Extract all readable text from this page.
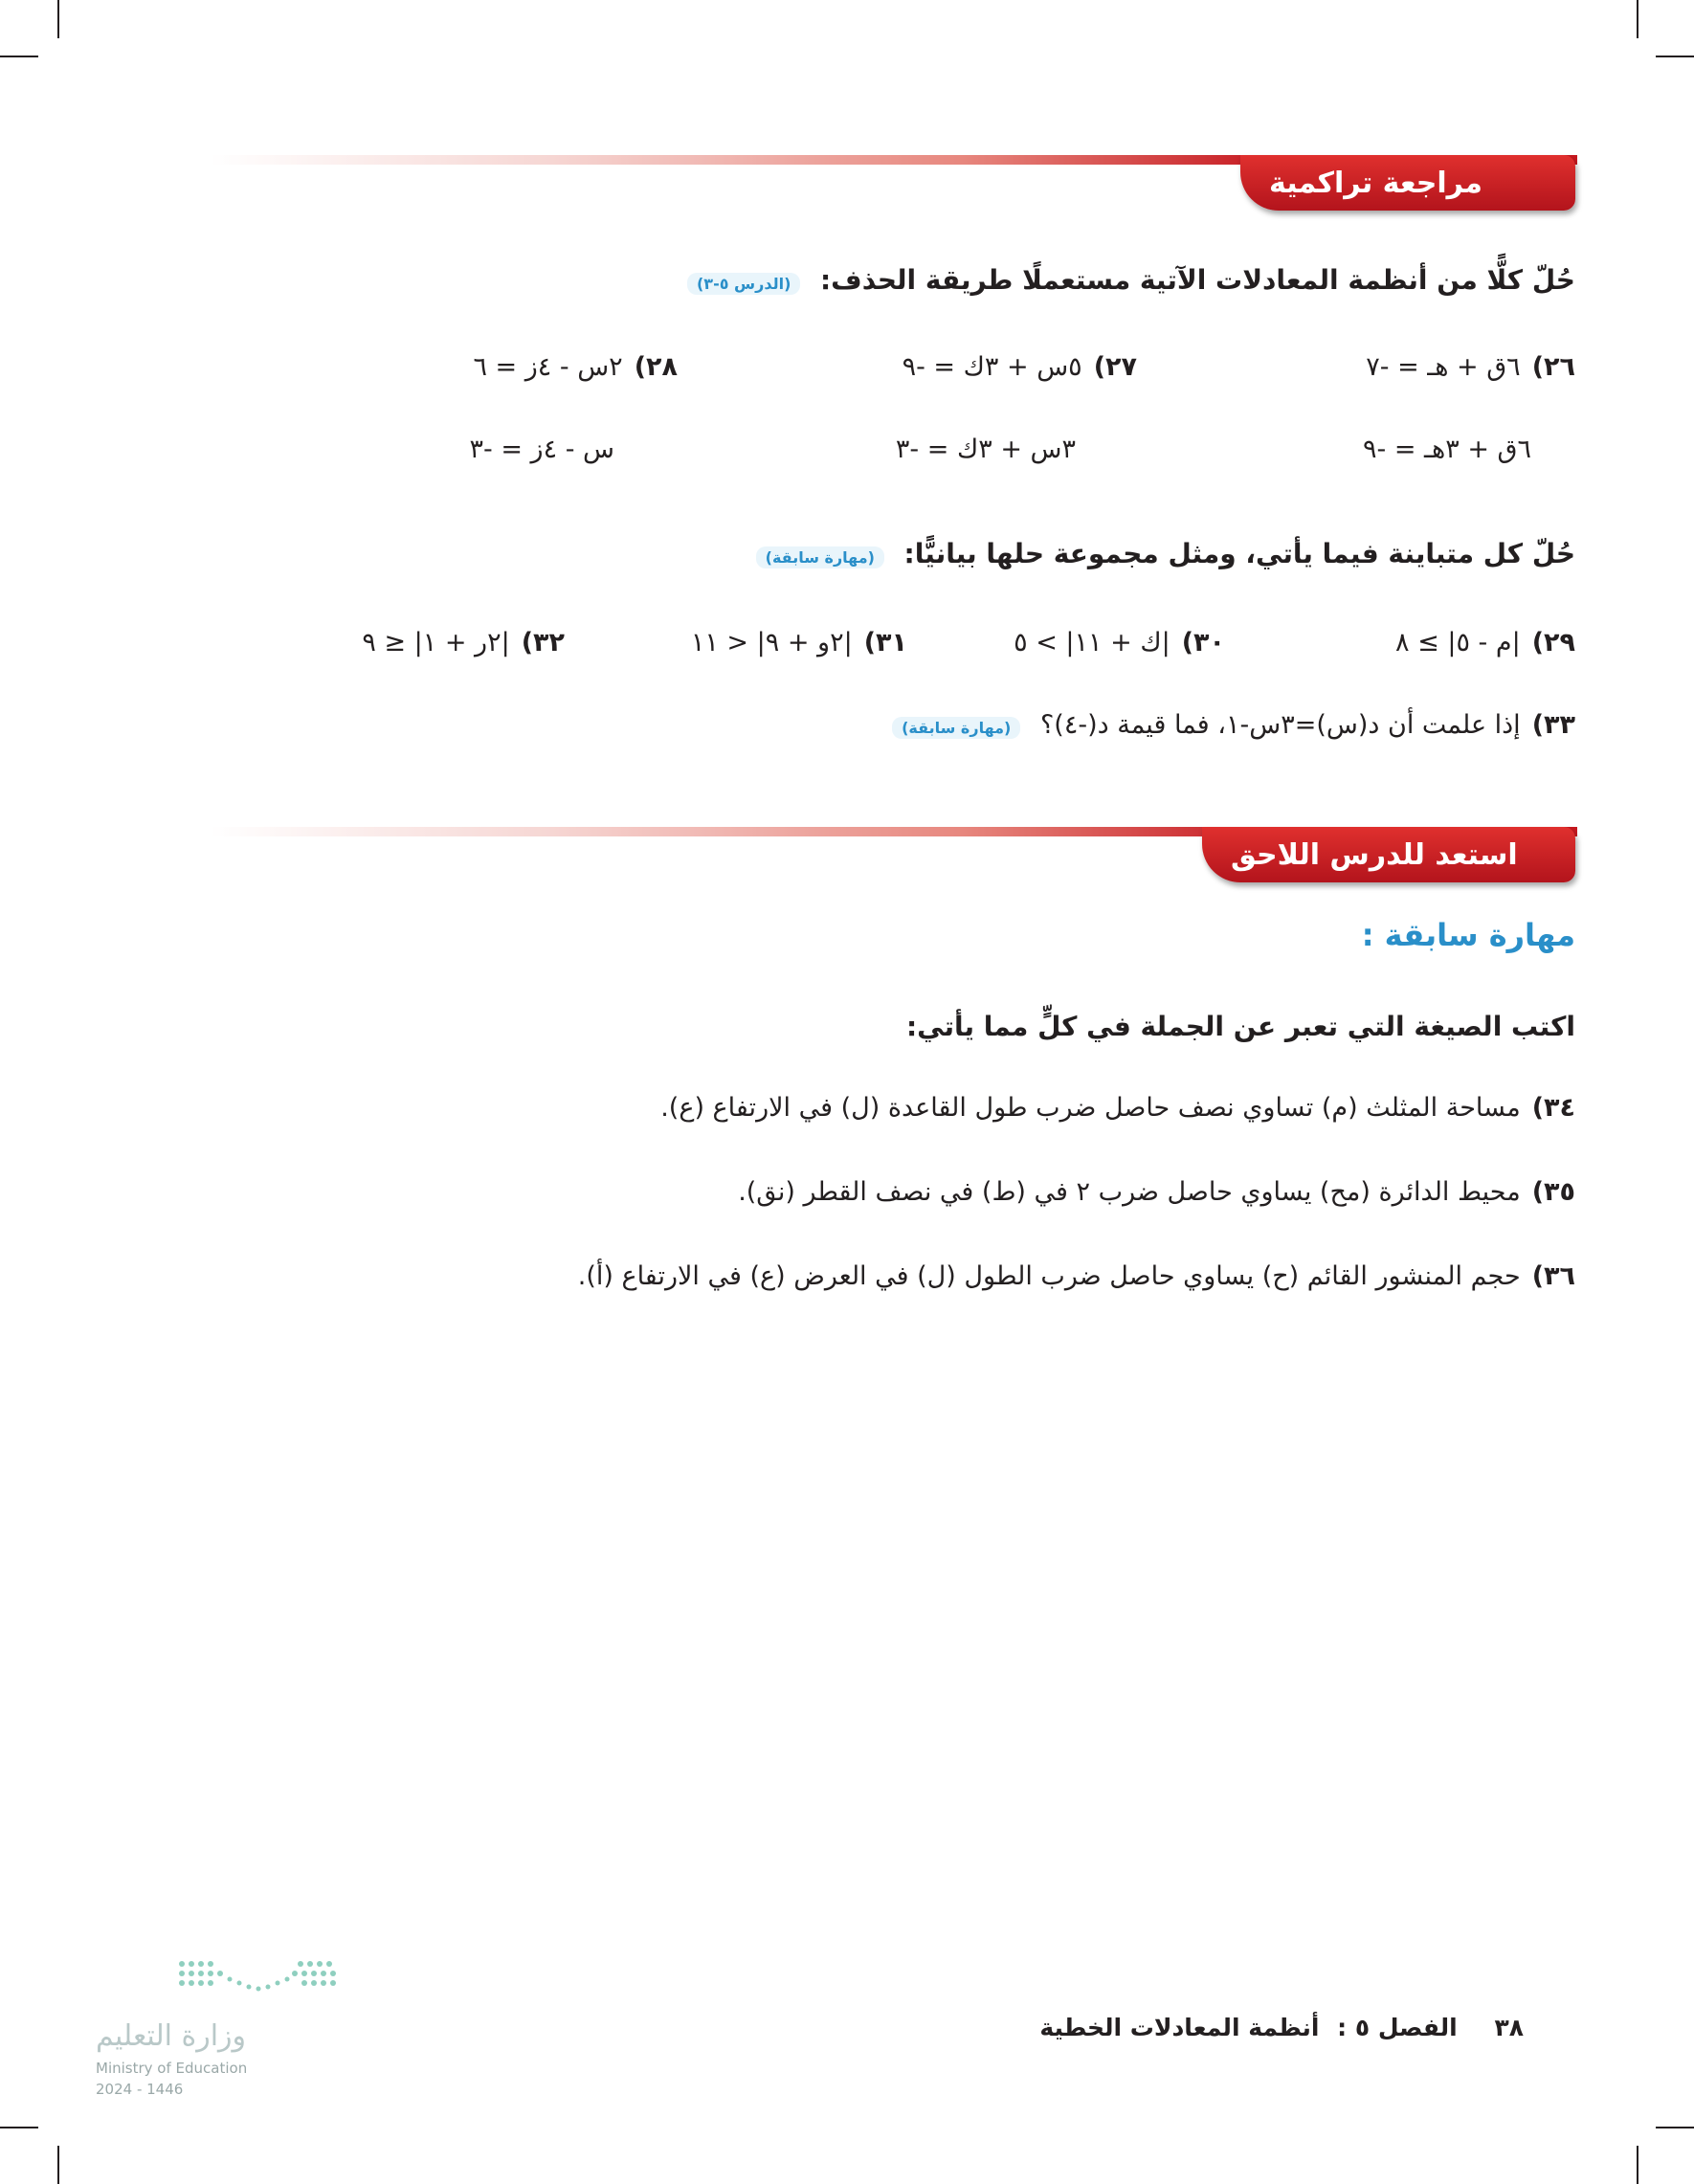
مراجعة تراكمية
حُلّ كلًّا من أنظمة المعادلات الآتية مستعملًا طريقة الحذف: (الدرس ٥-٣)
٢٦)٦ق + هـ = -٧
٦ق + ٣هـ = -٩
٢٧)٥س + ٣ك = -٩
٣س + ٣ك = -٣
٢٨)٢س - ٤ز = ٦
س - ٤ز = -٣
حُلّ كل متباينة فيما يأتي، ومثل مجموعة حلها بيانيًّا: (مهارة سابقة)
٢٩)|م - ٥| ≥ ٨
٣٠)|ك + ١١| > ٥
٣١)|٢و + ٩| < ١١
٣٢)|٢ر + ١| ≤ ٩
٣٣)إذا علمت أن د(س)=٣س-١، فما قيمة د(-٤)؟ (مهارة سابقة)
استعد للدرس اللاحق
مهارة سابقة :
اكتب الصيغة التي تعبر عن الجملة في كلٍّ مما يأتي:
٣٤)مساحة المثلث (م) تساوي نصف حاصل ضرب طول القاعدة (ل) في الارتفاع (ع).
٣٥)محيط الدائرة (مح) يساوي حاصل ضرب ٢ في (ط) في نصف القطر (نق).
٣٦)حجم المنشور القائم (ح) يساوي حاصل ضرب الطول (ل) في العرض (ع) في الارتفاع (أ).
وزارة التعليم
Ministry of Education
2024 - 1446
٣٨ الفصل ٥ : أنظمة المعادلات الخطية
